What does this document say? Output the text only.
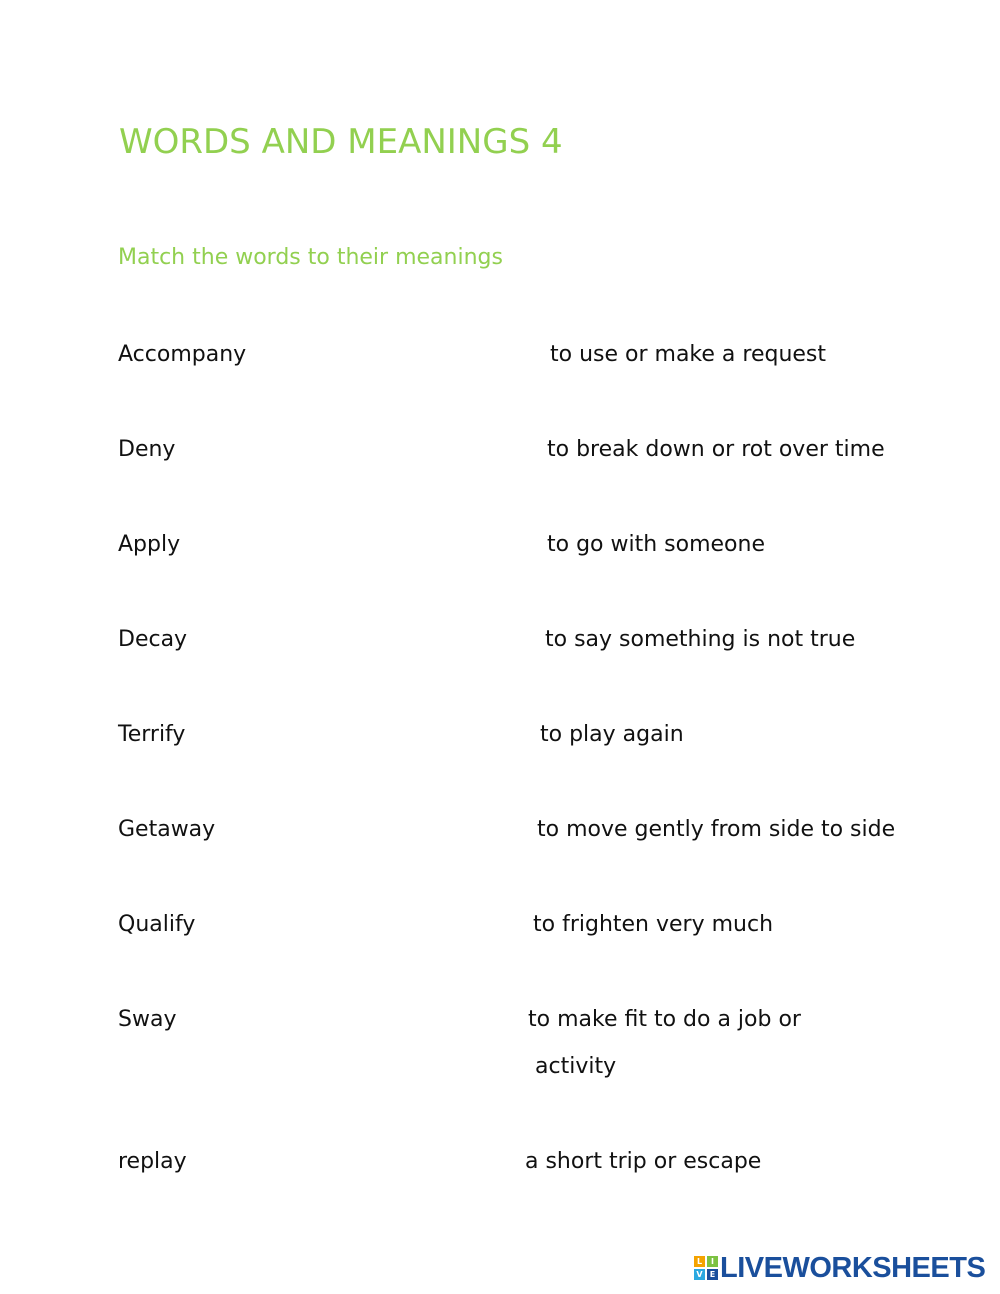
WORDS AND MEANINGS 4
Match the words to their meanings
Accompany
Deny
Apply
Decay
Terrify
Getaway
Qualify
Sway
replay
to use or make a request
to break down or rot over time
to go with someone
to say something is not true
to play again
to move gently from side to side
to frighten very much
to make fit to do a job or
activity
a short trip or escape
L	I
V E LIVEWORKSHEETS
